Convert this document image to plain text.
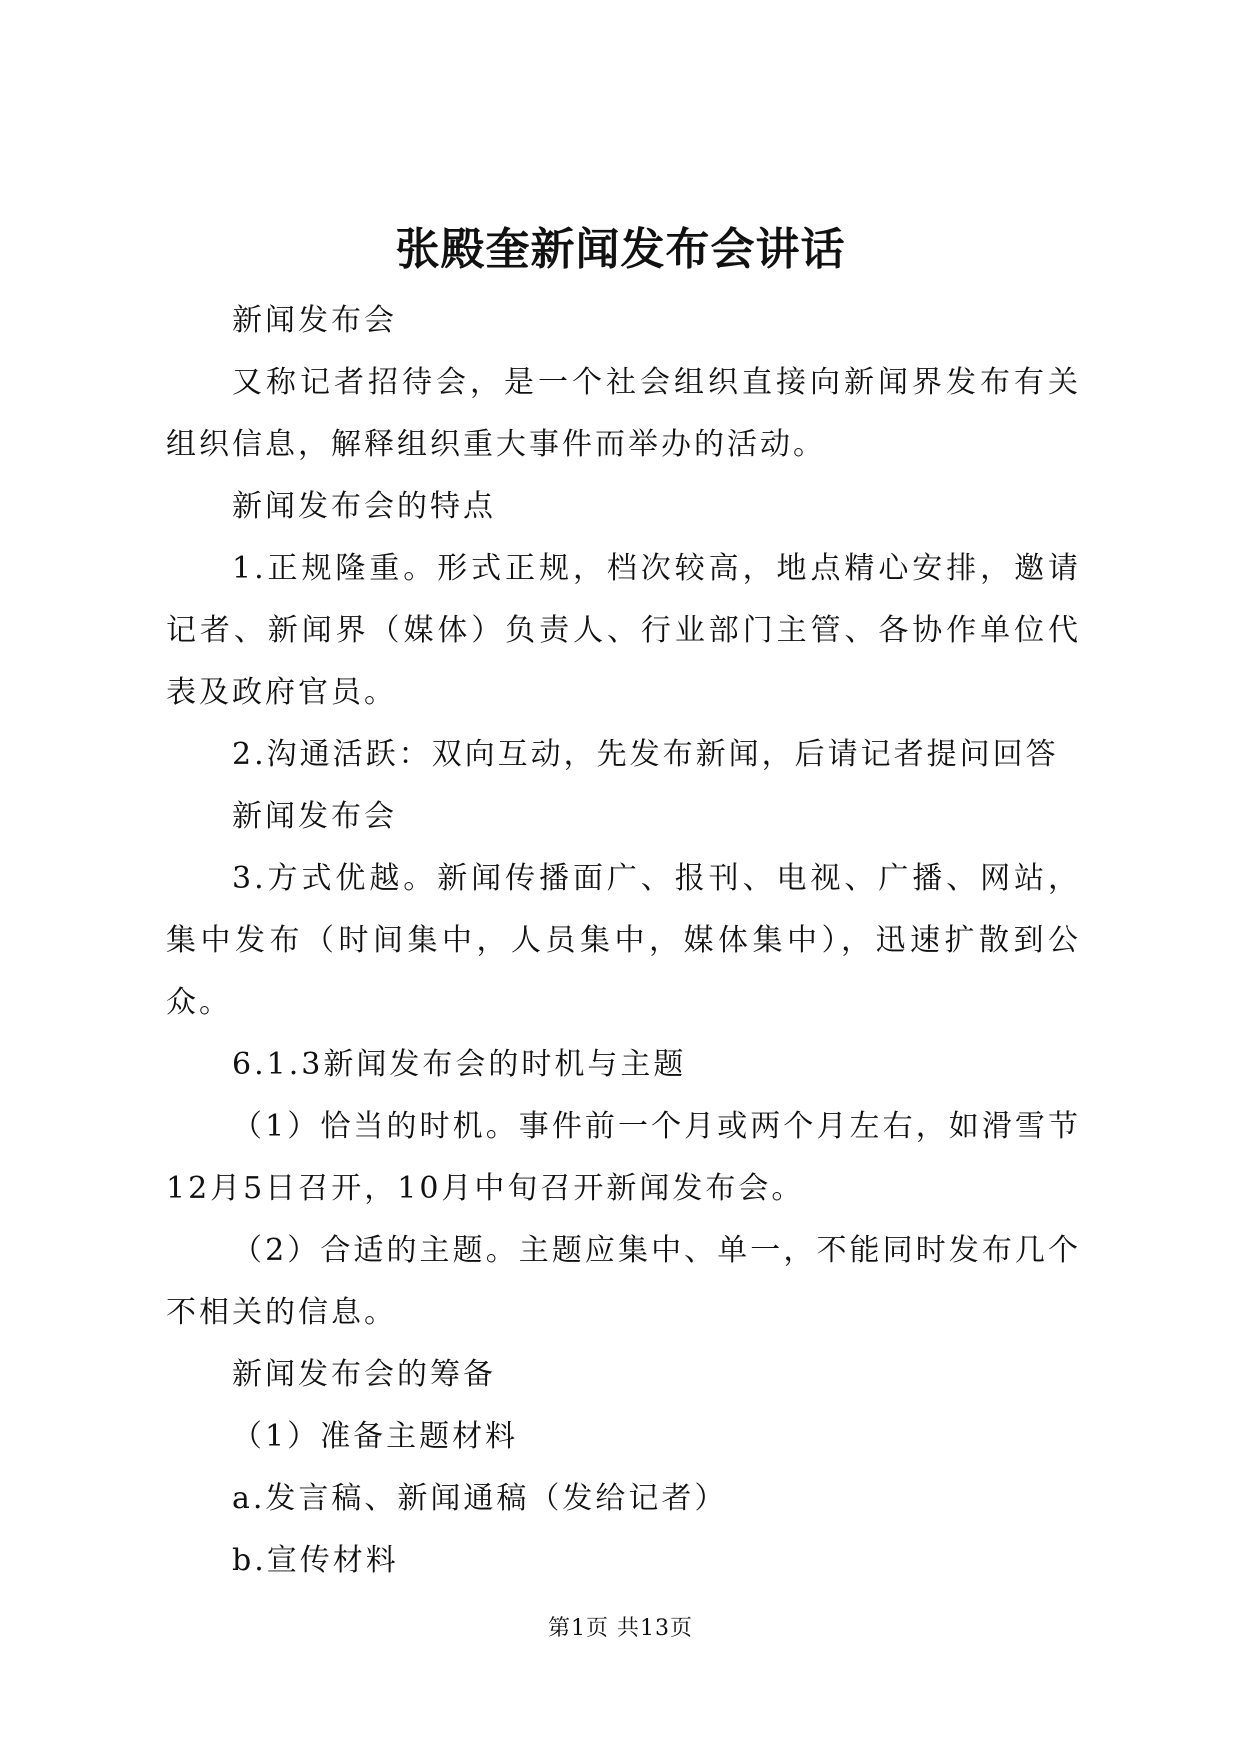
张殿奎新闻发布会讲话

新闻发布会

又称记者招待会，是一个社会组织直接向新闻界发布有关组织信息，解释组织重大事件而举办的活动。

新闻发布会的特点

1.正规隆重。形式正规，档次较高，地点精心安排，邀请记者、新闻界（媒体）负责人、行业部门主管、各协作单位代表及政府官员。

2.沟通活跃：双向互动，先发布新闻，后请记者提问回答

新闻发布会

3.方式优越。新闻传播面广、报刊、电视、广播、网站，集中发布（时间集中，人员集中，媒体集中），迅速扩散到公众。

6.1.3新闻发布会的时机与主题

（1）恰当的时机。事件前一个月或两个月左右，如滑雪节12月5日召开，10月中旬召开新闻发布会。

（2）合适的主题。主题应集中、单一，不能同时发布几个不相关的信息。

新闻发布会的筹备

（1）准备主题材料

a.发言稿、新闻通稿（发给记者）

b.宣传材料

第1页 共13页
